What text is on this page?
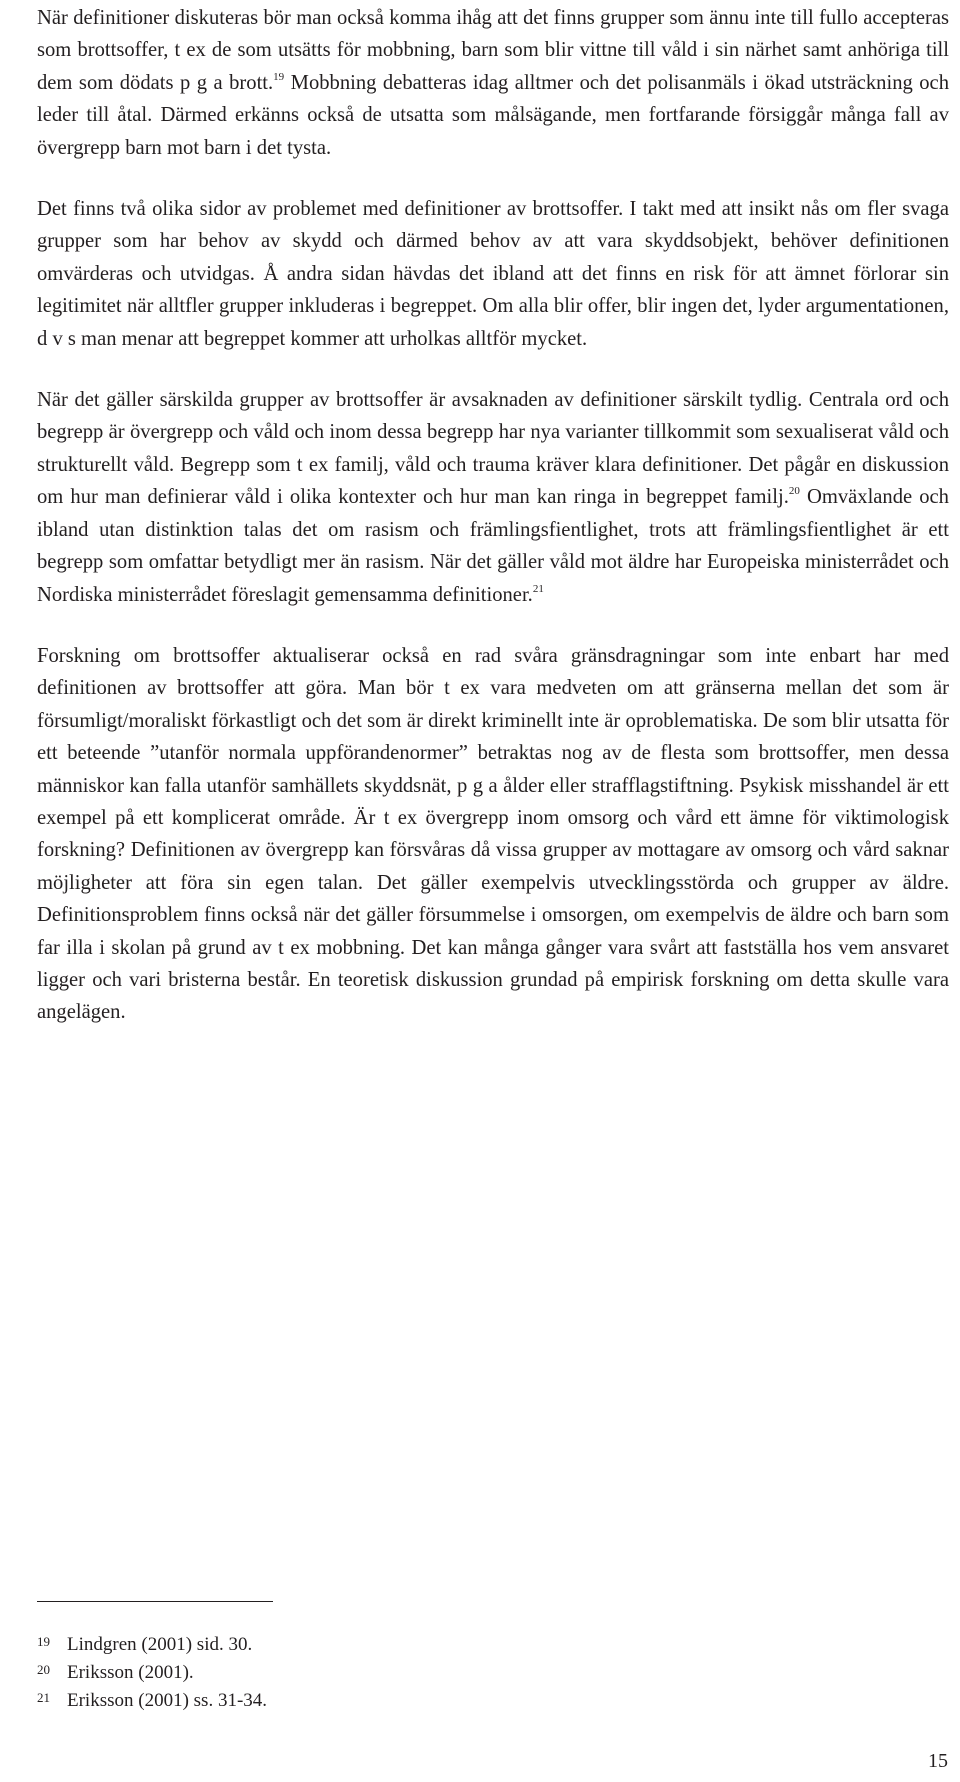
När definitioner diskuteras bör man också komma ihåg att det finns grupper som ännu inte till fullo accepteras som brottsoffer, t ex de som utsätts för mobbning, barn som blir vittne till våld i sin närhet samt anhöriga till dem som dödats p g a brott.$^{19}$ Mobbning debatteras idag alltmer och det polisanmäls i ökad utsträckning och leder till åtal. Därmed erkänns också de utsatta som målsägande, men fortfarande försiggår många fall av övergrepp barn mot barn i det tysta.

Det finns två olika sidor av problemet med definitioner av brottsoffer. I takt med att insikt nås om fler svaga grupper som har behov av skydd och därmed behov av att vara skyddsobjekt, behöver definitionen omvärderas och utvidgas. Å andra sidan hävdas det ibland att det finns en risk för att ämnet förlorar sin legitimitet när alltfler grupper inkluderas i begreppet. Om alla blir offer, blir ingen det, lyder argumentationen, d v s man menar att begreppet kommer att urholkas alltför mycket.

När det gäller särskilda grupper av brottsoffer är avsaknaden av definitioner särskilt tydlig. Centrala ord och begrepp är övergrepp och våld och inom dessa begrepp har nya varianter tillkommit som sexualiserat våld och strukturellt våld. Begrepp som t ex familj, våld och trauma kräver klara definitioner. Det pågår en diskussion om hur man definierar våld i olika kontexter och hur man kan ringa in begreppet familj.$^{20}$ Omväxlande och ibland utan distinktion talas det om rasism och främlingsfientlighet, trots att främlingsfientlighet är ett begrepp som omfattar betydligt mer än rasism. När det gäller våld mot äldre har Europeiska ministerrådet och Nordiska ministerrådet föreslagit gemensamma definitioner.$^{21}$

Forskning om brottsoffer aktualiserar också en rad svåra gränsdragningar som inte enbart har med definitionen av brottsoffer att göra. Man bör t ex vara medveten om att gränserna mellan det som är försumligt/moraliskt förkastligt och det som är direkt kriminellt inte är oproblematiska. De som blir utsatta för ett beteende ”utanför normala uppförandenormer” betraktas nog av de flesta som brottsoffer, men dessa människor kan falla utanför samhällets skyddsnät, p g a ålder eller strafflagstiftning. Psykisk misshandel är ett exempel på ett komplicerat område. Är t ex övergrepp inom omsorg och vård ett ämne för viktimologisk forskning? Definitionen av övergrepp kan försvåras då vissa grupper av mottagare av omsorg och vård saknar möjligheter att föra sin egen talan. Det gäller exempelvis utvecklingsstörda och grupper av äldre. Definitionsproblem finns också när det gäller försummelse i omsorgen, om exempelvis de äldre och barn som far illa i skolan på grund av t ex mobbning. Det kan många gånger vara svårt att fastställa hos vem ansvaret ligger och vari bristerna består. En teoretisk diskussion grundad på empirisk forskning om detta skulle vara angelägen.

19 Lindgren (2001) sid. 30.
20 Eriksson (2001).
21 Eriksson (2001) ss. 31-34.
15
